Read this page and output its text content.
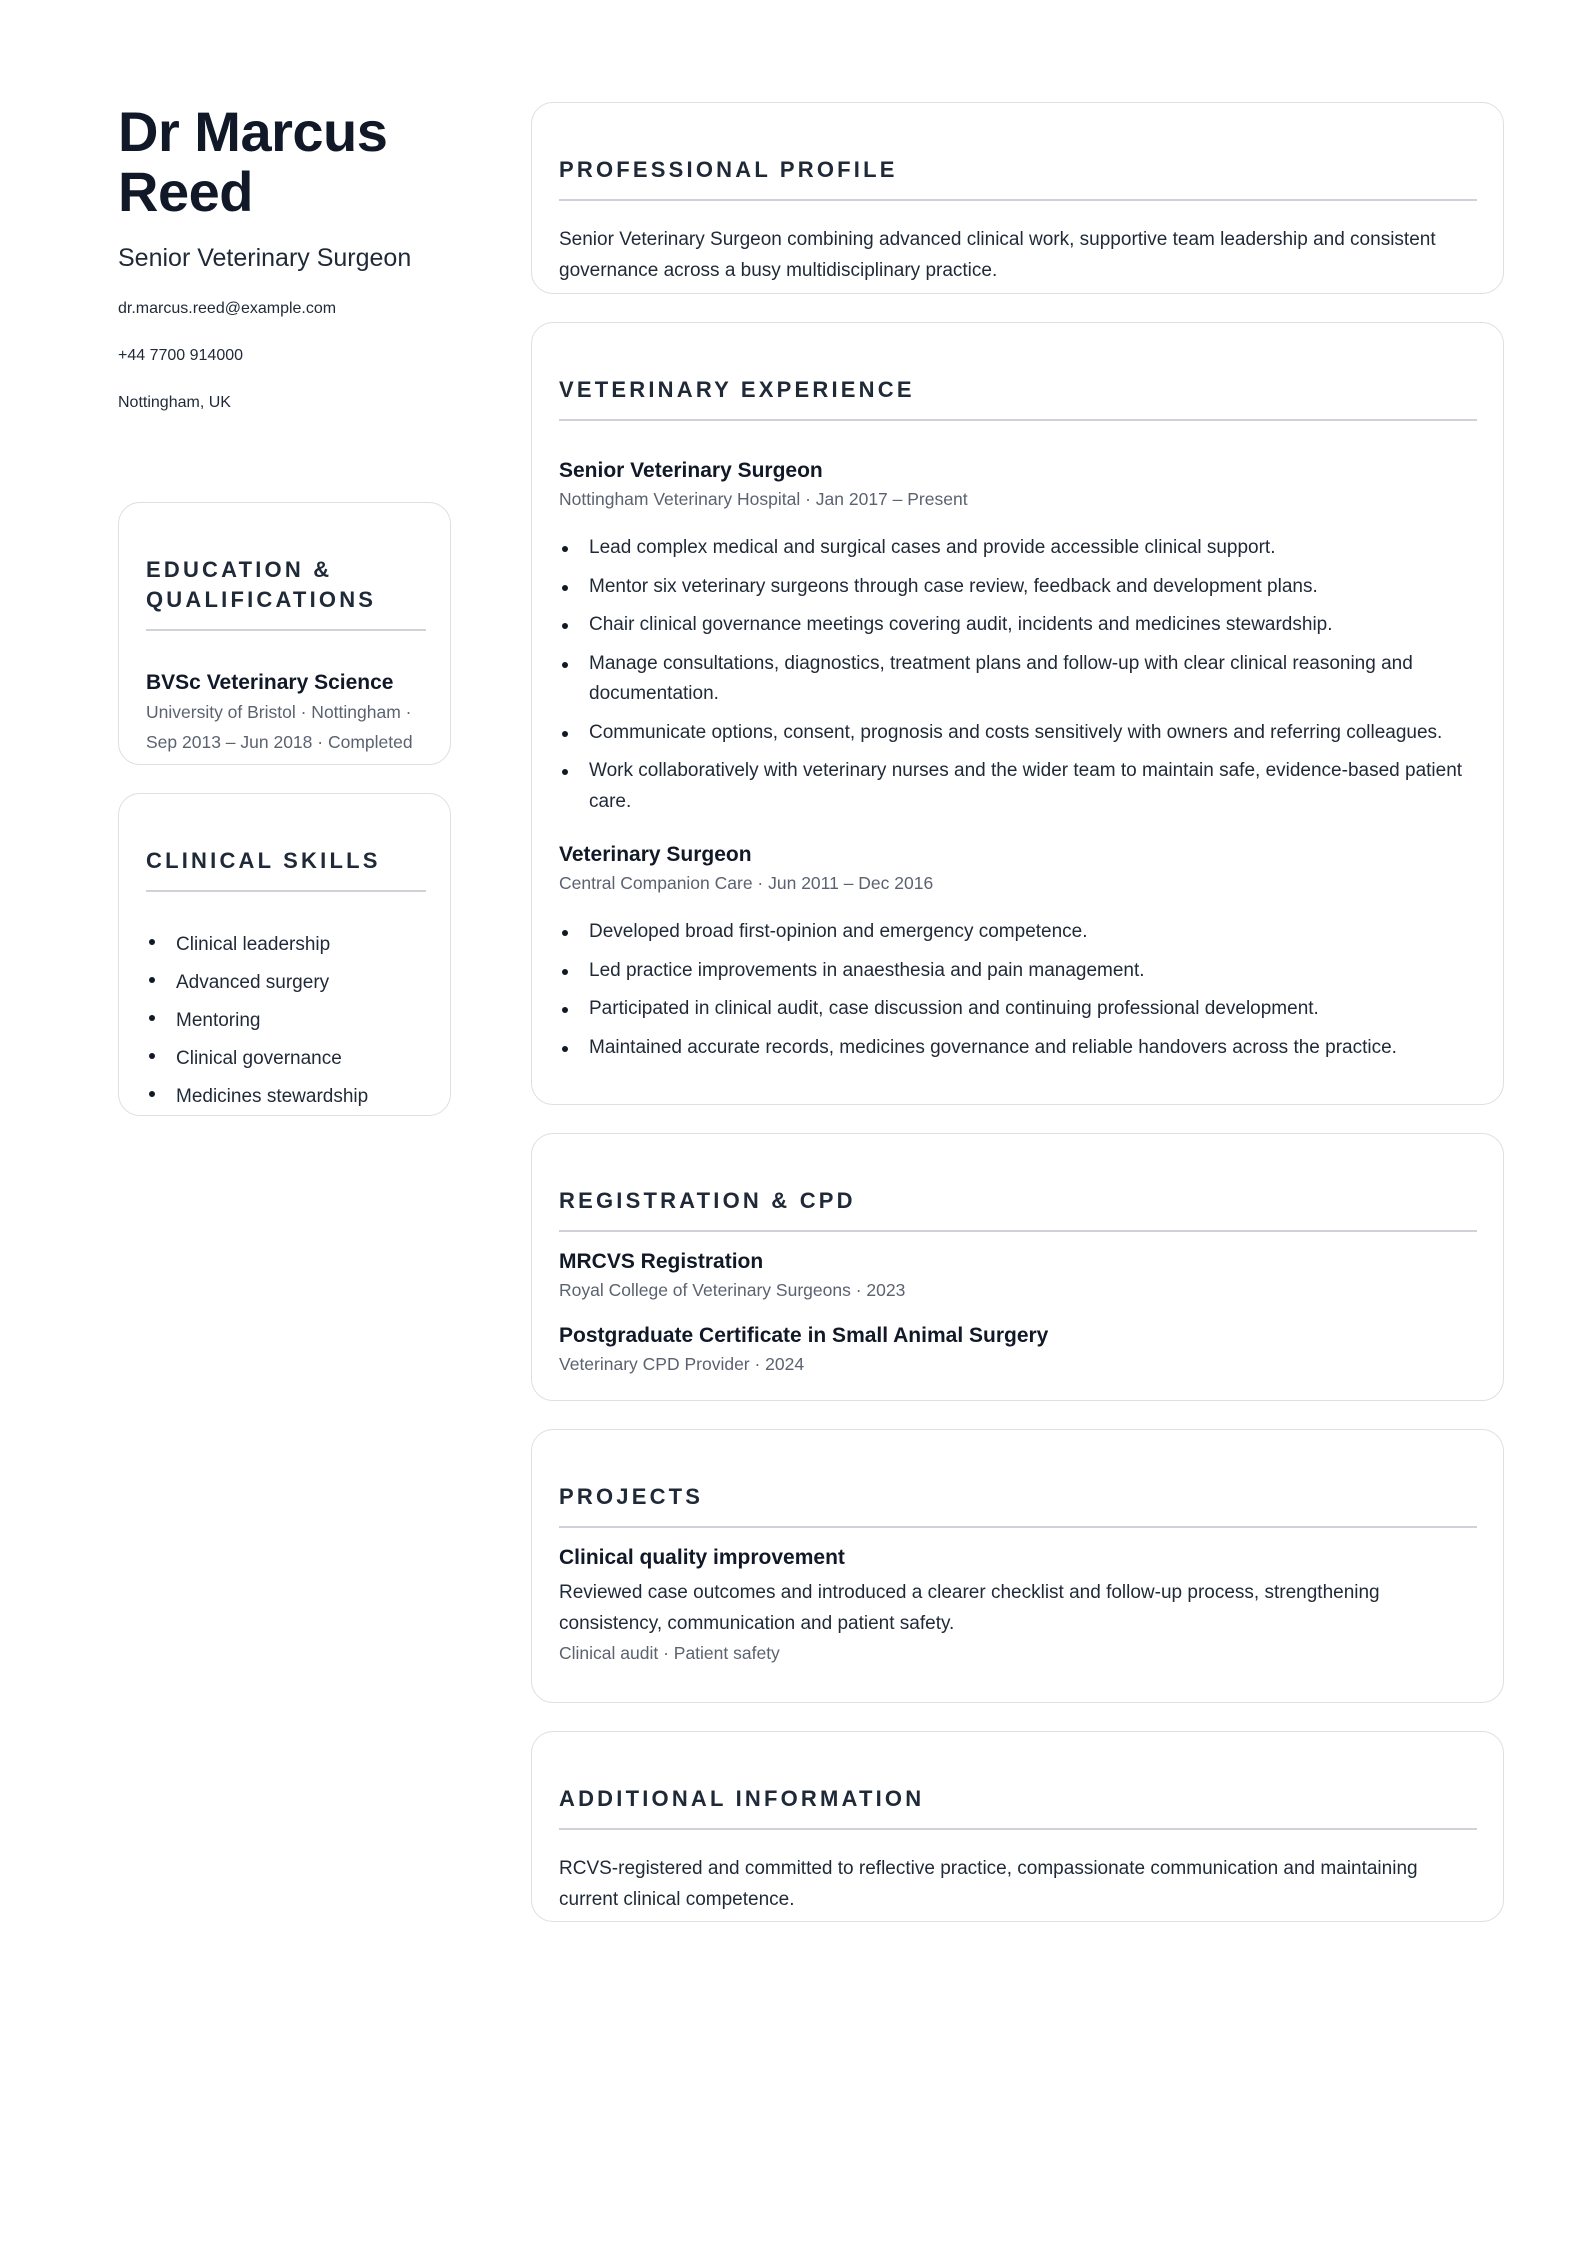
Dr Marcus Reed
Senior Veterinary Surgeon
dr.marcus.reed@example.com
+44 7700 914000
Nottingham, UK
EDUCATION & QUALIFICATIONS
BVSc Veterinary Science
University of Bristol · Nottingham ·
Sep 2013 – Jun 2018 · Completed
CLINICAL SKILLS
Clinical leadership
Advanced surgery
Mentoring
Clinical governance
Medicines stewardship
PROFESSIONAL PROFILE

Senior Veterinary Surgeon combining advanced clinical work, supportive team leadership and consistent governance across a busy multidisciplinary practice.

VETERINARY EXPERIENCE
Senior Veterinary Surgeon
Nottingham Veterinary Hospital · Jan 2017 – Present
Lead complex medical and surgical cases and provide accessible clinical support.
Mentor six veterinary surgeons through case review, feedback and development plans.
Chair clinical governance meetings covering audit, incidents and medicines stewardship.
Manage consultations, diagnostics, treatment plans and follow-up with clear clinical reasoning and documentation.
Communicate options, consent, prognosis and costs sensitively with owners and referring colleagues.
Work collaboratively with veterinary nurses and the wider team to maintain safe, evidence-based patient care.
Veterinary Surgeon
Central Companion Care · Jun 2011 – Dec 2016
Developed broad first-opinion and emergency competence.
Led practice improvements in anaesthesia and pain management.
Participated in clinical audit, case discussion and continuing professional development.
Maintained accurate records, medicines governance and reliable handovers across the practice.
REGISTRATION & CPD
MRCVS Registration
Royal College of Veterinary Surgeons · 2023
Postgraduate Certificate in Small Animal Surgery
Veterinary CPD Provider · 2024
PROJECTS
Clinical quality improvement

Reviewed case outcomes and introduced a clearer checklist and follow-up process, strengthening consistency, communication and patient safety.

Clinical audit · Patient safety
ADDITIONAL INFORMATION

RCVS-registered and committed to reflective practice, compassionate communication and maintaining current clinical competence.
